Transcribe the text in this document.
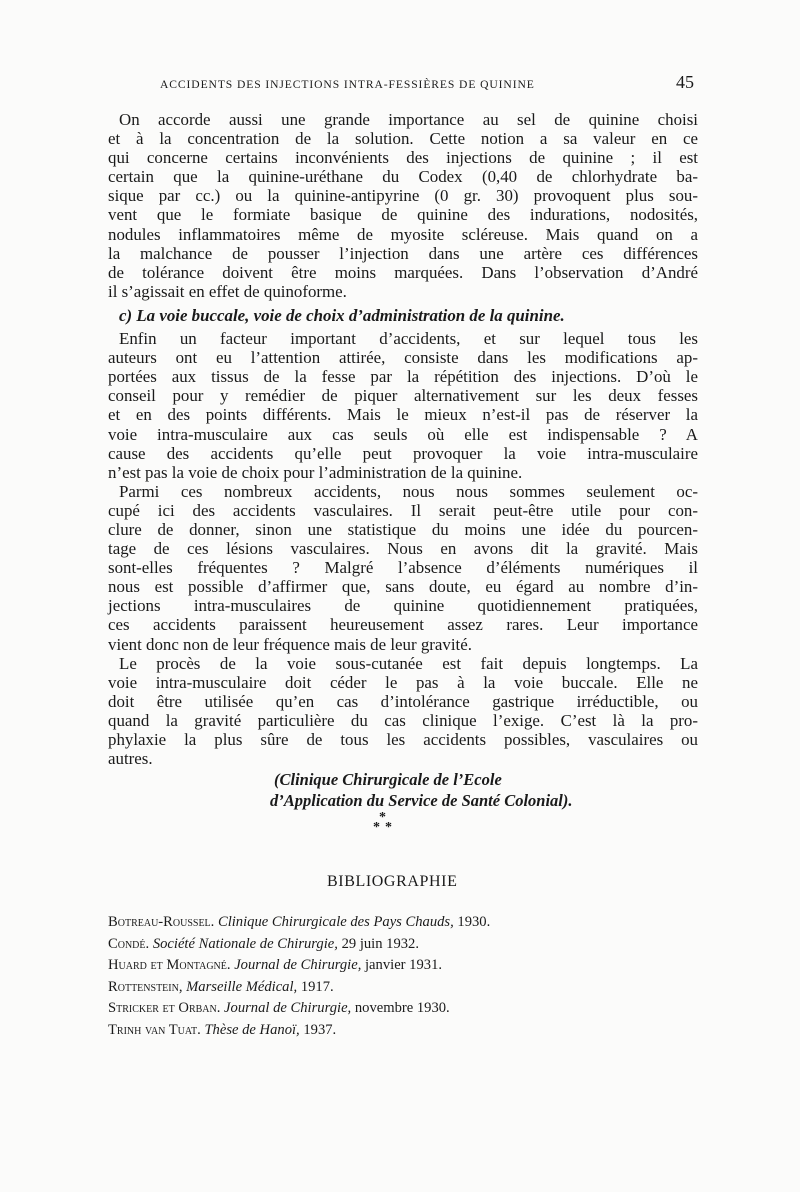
ACCIDENTS DES INJECTIONS INTRA-FESSIÈRES DE QUININE	45

On accorde aussi une grande importance au sel de quinine choisi
et à la concentration de la solution. Cette notion a sa valeur en ce
qui concerne certains inconvénients des injections de quinine ; il est
certain que la quinine-uréthane du Codex (0,40 de chlorhydrate ba-
sique par cc.) ou la quinine-antipyrine (0 gr. 30) provoquent plus sou-
vent que le formiate basique de quinine des indurations, nodosités,
nodules inflammatoires même de myosite scléreuse. Mais quand on a
la malchance de pousser l’injection dans une artère ces différences
de tolérance doivent être moins marquées. Dans l’observation d’André
il s’agissait en effet de quinoforme.

c) La voie buccale, voie de choix d’administration de la quinine.

Enfin un facteur important d’accidents, et sur lequel tous les
auteurs ont eu l’attention attirée, consiste dans les modifications ap-
portées aux tissus de la fesse par la répétition des injections. D’où le
conseil pour y remédier de piquer alternativement sur les deux fesses
et en des points différents. Mais le mieux n’est-il pas de réserver la
voie intra-musculaire aux cas seuls où elle est indispensable ? A
cause des accidents qu’elle peut provoquer la voie intra-musculaire
n’est pas la voie de choix pour l’administration de la quinine.

Parmi ces nombreux accidents, nous nous sommes seulement oc-
cupé ici des accidents vasculaires. Il serait peut-être utile pour con-
clure de donner, sinon une statistique du moins une idée du pourcen-
tage de ces lésions vasculaires. Nous en avons dit la gravité. Mais
sont-elles fréquentes ? Malgré l’absence d’éléments numériques il
nous est possible d’affirmer que, sans doute, eu égard au nombre d’in-
jections intra-musculaires de quinine quotidiennement pratiquées,
ces accidents paraissent heureusement assez rares. Leur importance
vient donc non de leur fréquence mais de leur gravité.

Le procès de la voie sous-cutanée est fait depuis longtemps. La
voie intra-musculaire doit céder le pas à la voie buccale. Elle ne
doit être utilisée qu’en cas d’intolérance gastrique irréductible, ou
quand la gravité particulière du cas clinique l’exige. C’est là la pro-
phylaxie la plus sûre de tous les accidents possibles, vasculaires ou
autres.

(Clinique Chirurgicale de l’Ecole
d’Application du Service de Santé Colonial).
*
* *
BIBLIOGRAPHIE
Botreau-Roussel. Clinique Chirurgicale des Pays Chauds, 1930.
Condé. Société Nationale de Chirurgie, 29 juin 1932.
Huard et Montagné. Journal de Chirurgie, janvier 1931.
Rottenstein, Marseille Médical, 1917.
Stricker et Orban. Journal de Chirurgie, novembre 1930.
Trinh van Tuat. Thèse de Hanoï, 1937.
